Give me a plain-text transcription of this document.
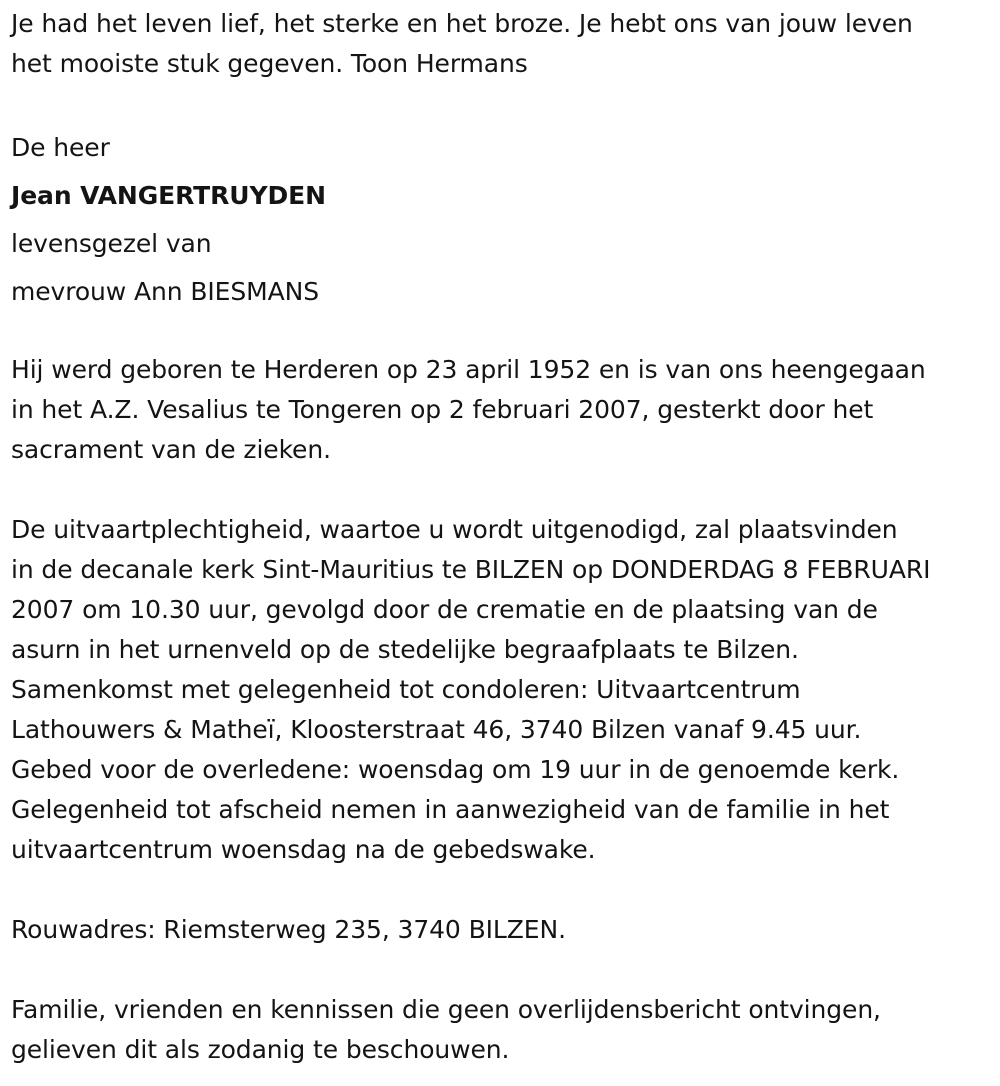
Je had het leven lief, het sterke en het broze. Je hebt ons van jouw leven
het mooiste stuk gegeven. Toon Hermans
De heer
Jean VANGERTRUYDEN
levensgezel van
mevrouw Ann BIESMANS
Hij werd geboren te Herderen op 23 april 1952 en is van ons heengegaan
in het A.Z. Vesalius te Tongeren op 2 februari 2007, gesterkt door het
sacrament van de zieken.
De uitvaartplechtigheid, waartoe u wordt uitgenodigd, zal plaatsvinden
in de decanale kerk Sint-Mauritius te BILZEN op DONDERDAG 8 FEBRUARI
2007 om 10.30 uur, gevolgd door de crematie en de plaatsing van de
asurn in het urnenveld op de stedelijke begraafplaats te Bilzen.
Samenkomst met gelegenheid tot condoleren: Uitvaartcentrum
Lathouwers & Matheï, Kloosterstraat 46, 3740 Bilzen vanaf 9.45 uur.
Gebed voor de overledene: woensdag om 19 uur in de genoemde kerk.
Gelegenheid tot afscheid nemen in aanwezigheid van de familie in het
uitvaartcentrum woensdag na de gebedswake.
Rouwadres: Riemsterweg 235, 3740 BILZEN.
Familie, vrienden en kennissen die geen overlijdensbericht ontvingen,
gelieven dit als zodanig te beschouwen.
